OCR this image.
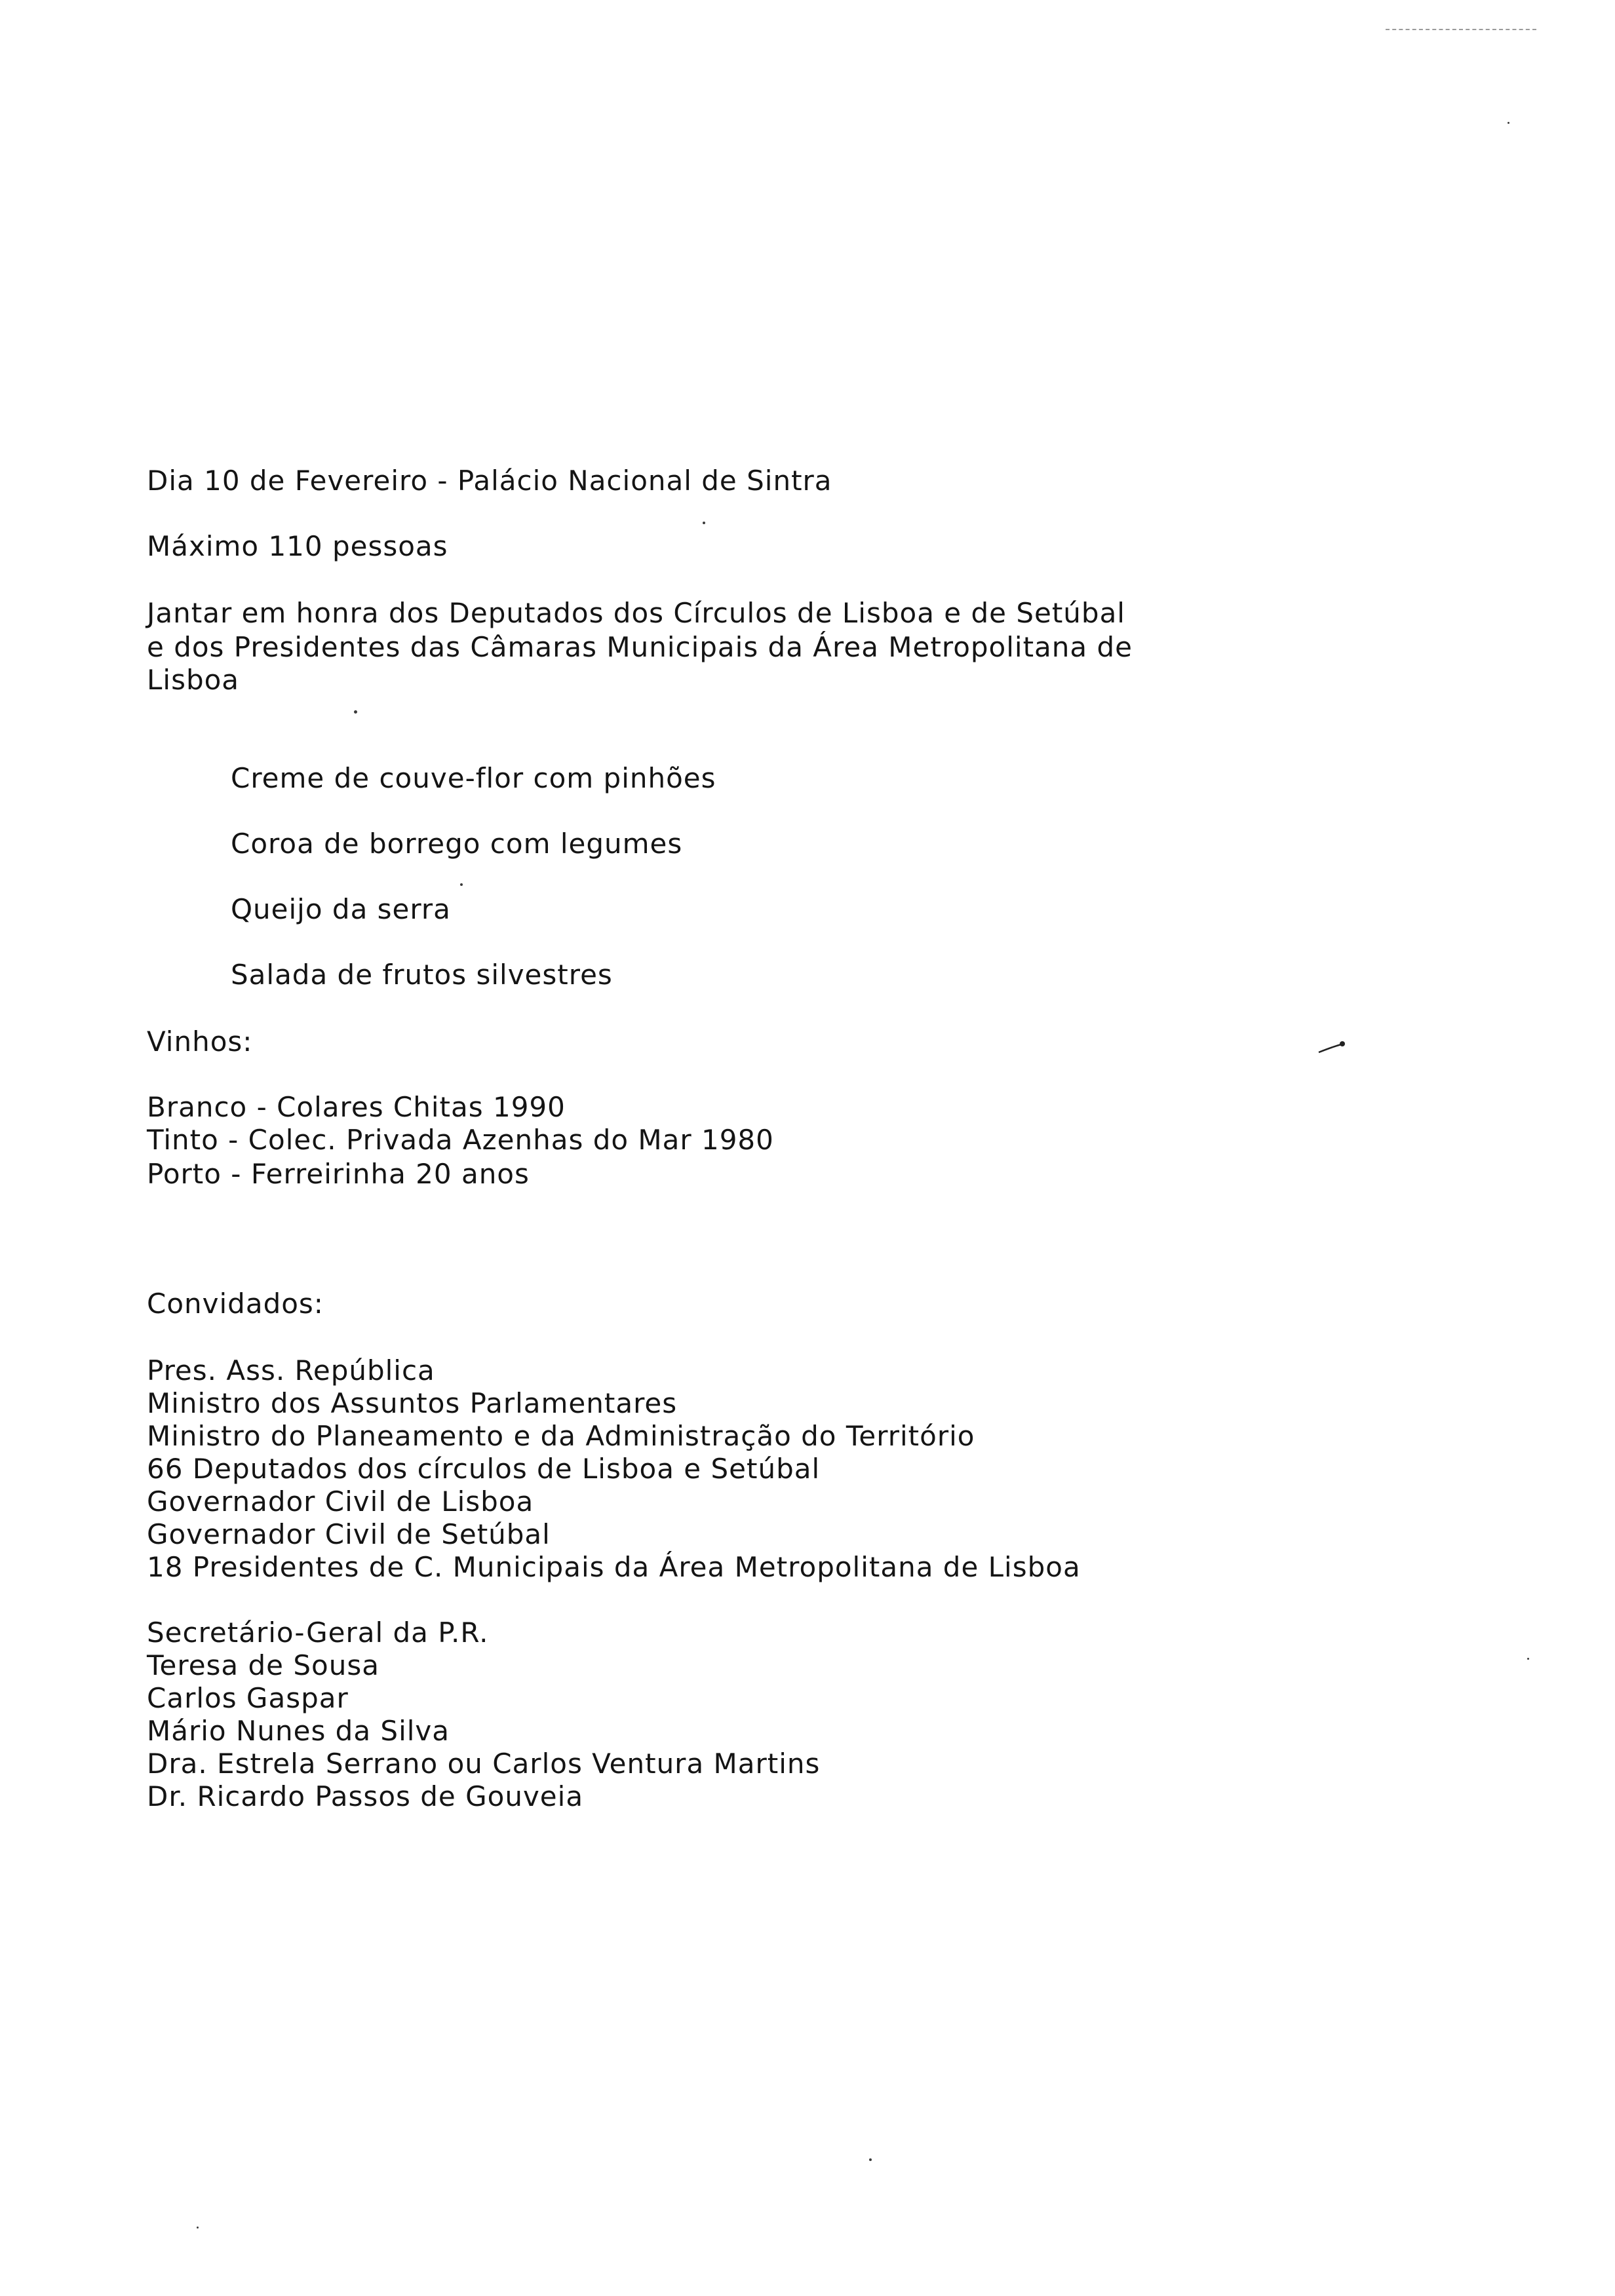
Dia 10 de Fevereiro - Palácio Nacional de Sintra
Máximo 110 pessoas
Jantar em honra dos Deputados dos Círculos de Lisboa e de Setúbal
e dos Presidentes das Câmaras Municipais da Área Metropolitana de
Lisboa
Creme de couve-flor com pinhões
Coroa de borrego com legumes
Queijo da serra
Salada de frutos silvestres
Vinhos:
Branco - Colares Chitas 1990
Tinto - Colec. Privada Azenhas do Mar 1980
Porto - Ferreirinha 20 anos
Convidados:
Pres. Ass. República
Ministro dos Assuntos Parlamentares
Ministro do Planeamento e da Administração do Território
66 Deputados dos círculos de Lisboa e Setúbal
Governador Civil de Lisboa
Governador Civil de Setúbal
18 Presidentes de C. Municipais da Área Metropolitana de Lisboa
Secretário-Geral da P.R.
Teresa de Sousa
Carlos Gaspar
Mário Nunes da Silva
Dra. Estrela Serrano ou Carlos Ventura Martins
Dr. Ricardo Passos de Gouveia
